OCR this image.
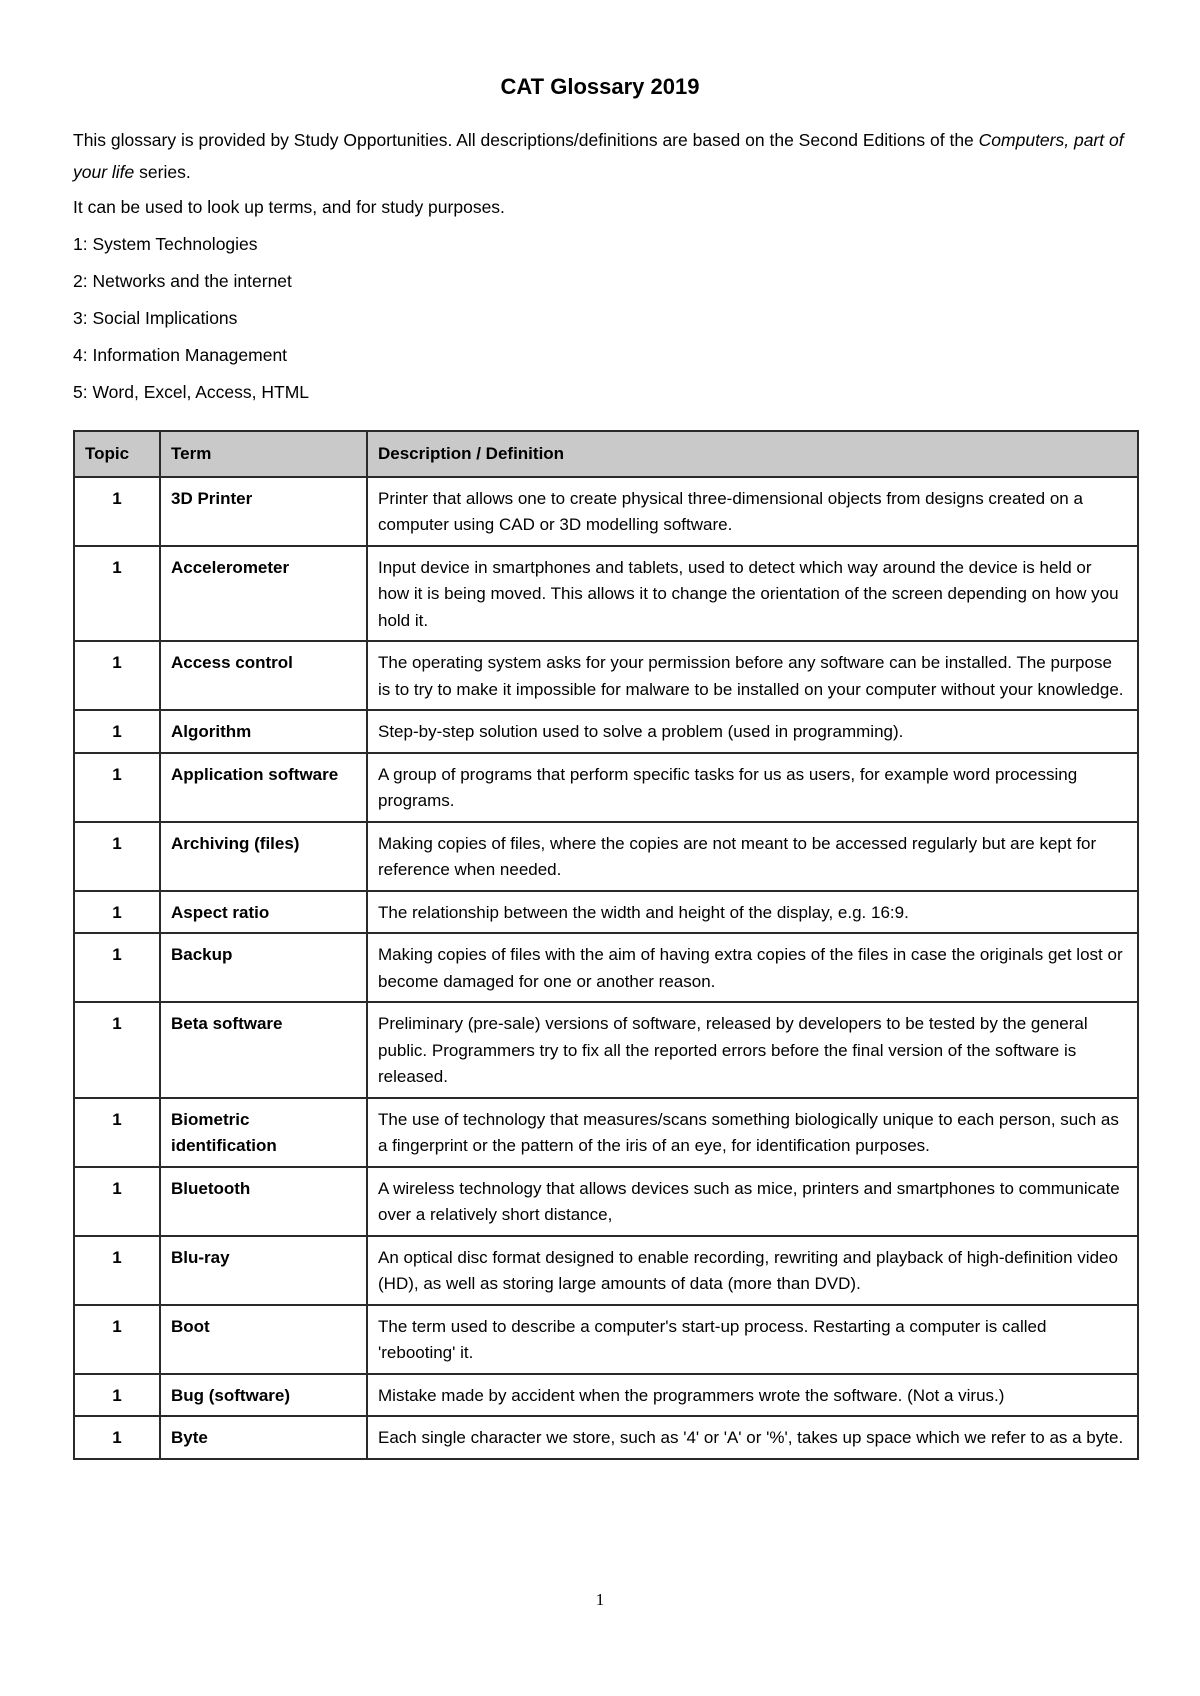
CAT Glossary 2019

This glossary is provided by Study Opportunities. All descriptions/definitions are based on the Second Editions of the Computers, part of your life series.

It can be used to look up terms, and for study purposes.

1: System Technologies

2: Networks and the internet

3: Social Implications

4: Information Management

5: Word, Excel, Access, HTML

Topic	Term	Description / Definition
1	3D Printer	Printer that allows one to create physical three-dimensional objects from designs created on a computer using CAD or 3D modelling software.
1	Accelerometer	Input device in smartphones and tablets, used to detect which way around the device is held or how it is being moved. This allows it to change the orientation of the screen depending on how you hold it.
1	Access control	The operating system asks for your permission before any software can be installed. The purpose is to try to make it impossible for malware to be installed on your computer without your knowledge.
1	Algorithm	Step-by-step solution used to solve a problem (used in programming).
1	Application software	A group of programs that perform specific tasks for us as users, for example word processing programs.
1	Archiving (files)	Making copies of files, where the copies are not meant to be accessed regularly but are kept for reference when needed.
1	Aspect ratio	The relationship between the width and height of the display, e.g. 16:9.
1	Backup	Making copies of files with the aim of having extra copies of the files in case the originals get lost or become damaged for one or another reason.
1	Beta software	Preliminary (pre-sale) versions of software, released by developers to be tested by the general public. Programmers try to fix all the reported errors before the final version of the software is released.
1	Biometric identification	The use of technology that measures/scans something biologically unique to each person, such as a fingerprint or the pattern of the iris of an eye, for identification purposes.
1	Bluetooth	A wireless technology that allows devices such as mice, printers and smartphones to communicate over a relatively short distance,
1	Blu-ray	An optical disc format designed to enable recording, rewriting and playback of high-definition video (HD), as well as storing large amounts of data (more than DVD).
1	Boot	The term used to describe a computer's start-up process. Restarting a computer is called 'rebooting' it.
1	Bug (software)	Mistake made by accident when the programmers wrote the software. (Not a virus.)
1	Byte	Each single character we store, such as '4' or 'A' or '%', takes up space which we refer to as a byte.
1
